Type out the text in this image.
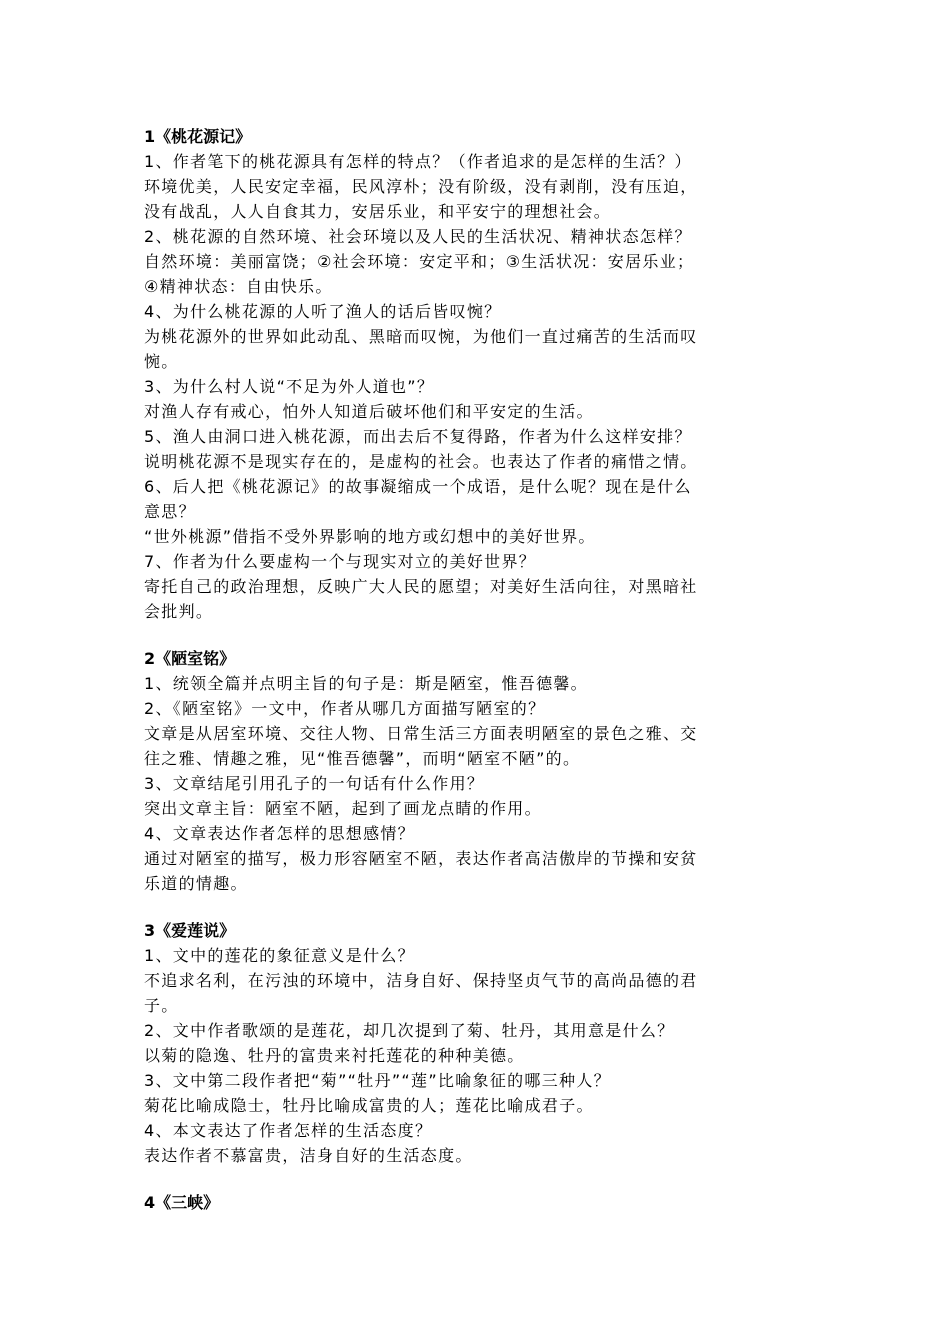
1《桃花源记》
1、作者笔下的桃花源具有怎样的特点？（作者追求的是怎样的生活？）
环境优美，人民安定幸福，民风淳朴；没有阶级，没有剥削，没有压迫，
没有战乱，人人自食其力，安居乐业，和平安宁的理想社会。
2、桃花源的自然环境、社会环境以及人民的生活状况、精神状态怎样？
自然环境：美丽富饶；②社会环境：安定平和；③生活状况：安居乐业；
④精神状态：自由快乐。
4、为什么桃花源的人听了渔人的话后皆叹惋？
为桃花源外的世界如此动乱、黑暗而叹惋，为他们一直过痛苦的生活而叹
惋。
3、为什么村人说“不足为外人道也”？
对渔人存有戒心，怕外人知道后破坏他们和平安定的生活。
5、渔人由洞口进入桃花源，而出去后不复得路，作者为什么这样安排？
说明桃花源不是现实存在的，是虚构的社会。也表达了作者的痛惜之情。
6、后人把《桃花源记》的故事凝缩成一个成语，是什么呢？现在是什么
意思？
“世外桃源”借指不受外界影响的地方或幻想中的美好世界。
7、作者为什么要虚构一个与现实对立的美好世界？
寄托自己的政治理想，反映广大人民的愿望；对美好生活向往，对黑暗社
会批判。
2《陋室铭》
1、统领全篇并点明主旨的句子是：斯是陋室，惟吾德馨。
2、《陋室铭》一文中，作者从哪几方面描写陋室的？
文章是从居室环境、交往人物、日常生活三方面表明陋室的景色之雅、交
往之雅、情趣之雅，见“惟吾德馨”，而明“陋室不陋”的。
3、文章结尾引用孔子的一句话有什么作用？
突出文章主旨：陋室不陋，起到了画龙点睛的作用。
4、文章表达作者怎样的思想感情？
通过对陋室的描写，极力形容陋室不陋，表达作者高洁傲岸的节操和安贫
乐道的情趣。
3《爱莲说》
1、文中的莲花的象征意义是什么？
不追求名利，在污浊的环境中，洁身自好、保持坚贞气节的高尚品德的君
子。
2、文中作者歌颂的是莲花，却几次提到了菊、牡丹，其用意是什么？
以菊的隐逸、牡丹的富贵来衬托莲花的种种美德。
3、文中第二段作者把“菊”“牡丹”“莲”比喻象征的哪三种人？
菊花比喻成隐士，牡丹比喻成富贵的人；莲花比喻成君子。
4、本文表达了作者怎样的生活态度？
表达作者不慕富贵，洁身自好的生活态度。
4《三峡》
